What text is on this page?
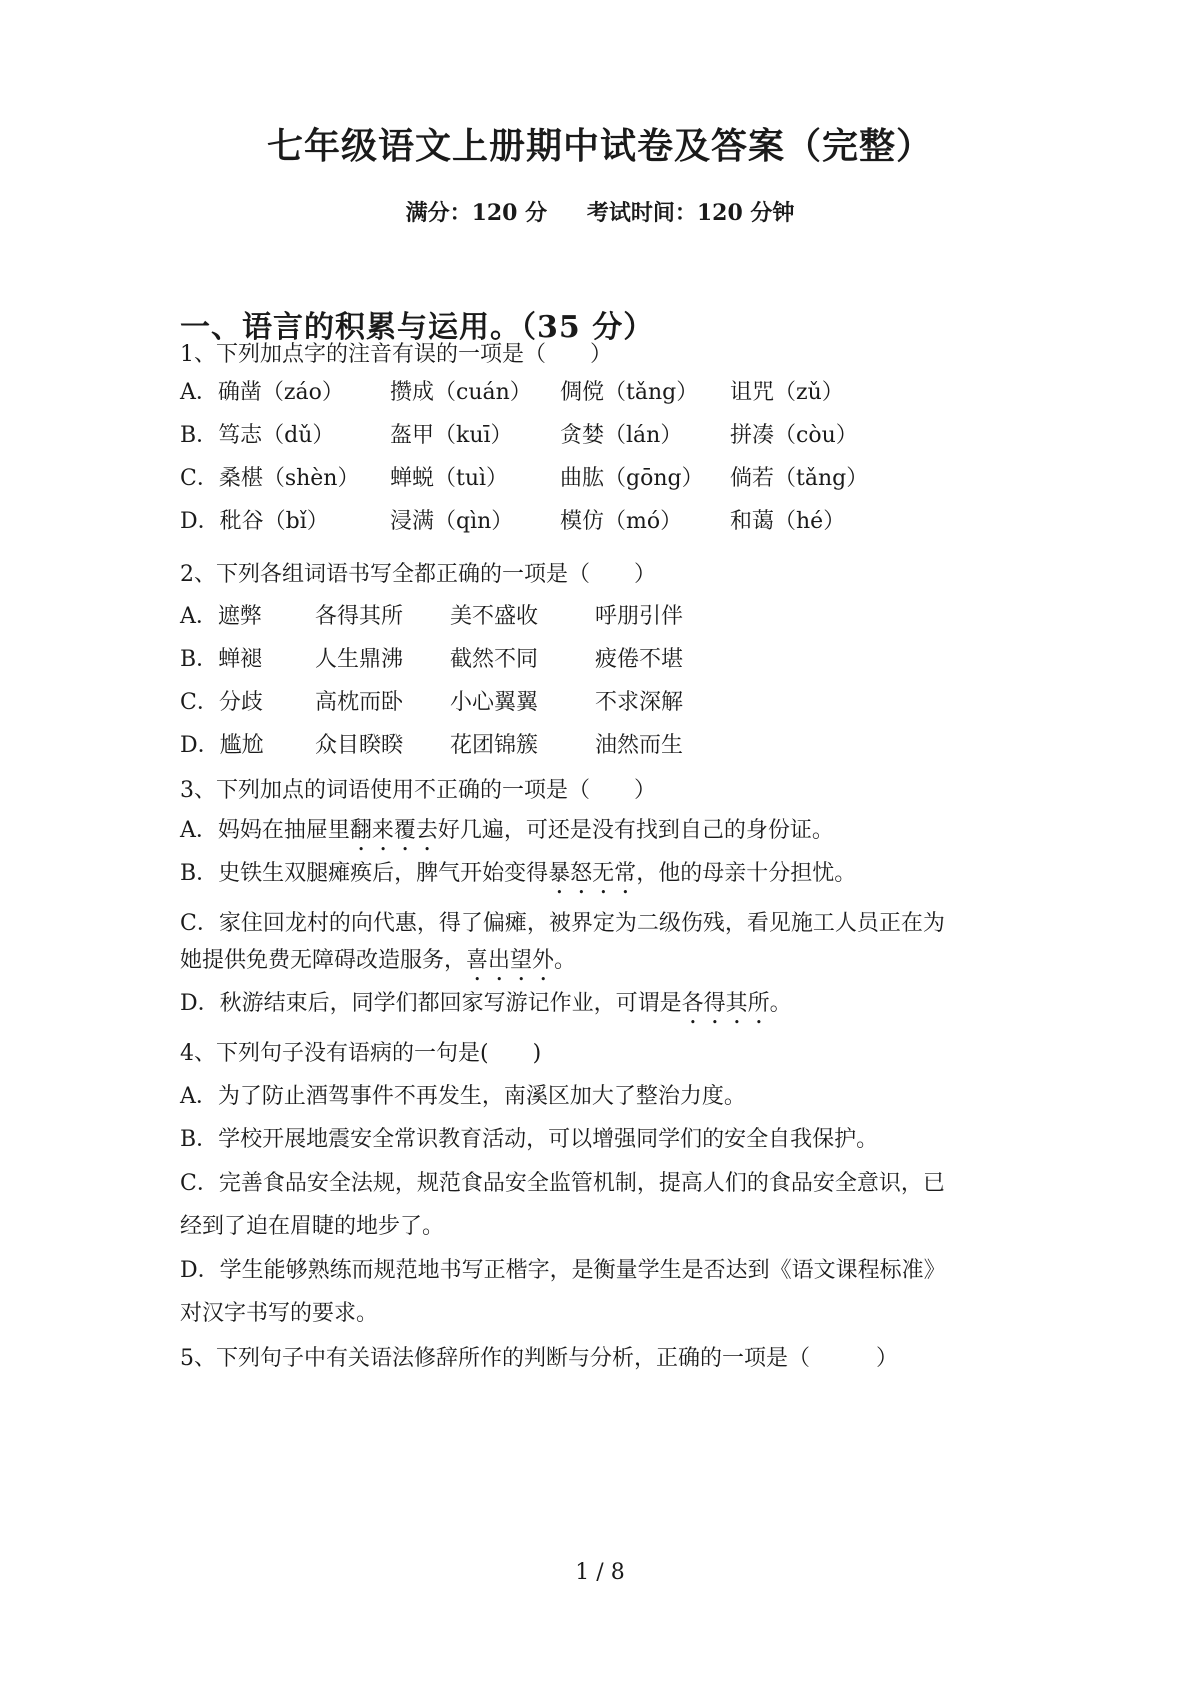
七年级语文上册期中试卷及答案（完整）
满分：120 分 考试时间：120 分钟
一、语言的积累与运用。（35 分）
1、下列加点字的注音有误的一项是（　　）
A．确凿（záo） 攒成（cuán） 倜傥（tǎng） 诅咒（zǔ）
B．笃志（dǔ）	盔甲（kuī） 贪婪（lán） 拼凑（còu）
C．桑椹（shèn） 蝉蜕（tuì） 曲肱（gōng） 倘若（tǎng）
D．秕谷（bǐ）	浸满（qìn） 模仿（mó） 和蔼（hé）
2、下列各组词语书写全都正确的一项是（　　）
A．遮弊 各得其所 美不盛收	呼朋引伴
B．蝉褪 人生鼎沸 截然不同	疲倦不堪
C．分歧 高枕而卧 小心翼翼	不求深解
D．尴尬 众目睽睽 花团锦簇	油然而生
3、下列加点的词语使用不正确的一项是（　　）
A．妈妈在抽屉里翻来覆去好几遍，可还是没有找到自己的身份证。
B．史铁生双腿瘫痪后，脾气开始变得暴怒无常，他的母亲十分担忧。
C．家住回龙村的向代惠，得了偏瘫，被界定为二级伤残，看见施工人员正在为
她提供免费无障碍改造服务，喜出望外。
D．秋游结束后，同学们都回家写游记作业，可谓是各得其所。
4、下列句子没有语病的一句是(　　)
A．为了防止酒驾事件不再发生，南溪区加大了整治力度。
B．学校开展地震安全常识教育活动，可以增强同学们的安全自我保护。
C．完善食品安全法规，规范食品安全监管机制，提高人们的食品安全意识，已
经到了迫在眉睫的地步了。
D．学生能够熟练而规范地书写正楷字，是衡量学生是否达到《语文课程标准》
对汉字书写的要求。
5、下列句子中有关语法修辞所作的判断与分析，正确的一项是（　　　）
1 / 8
